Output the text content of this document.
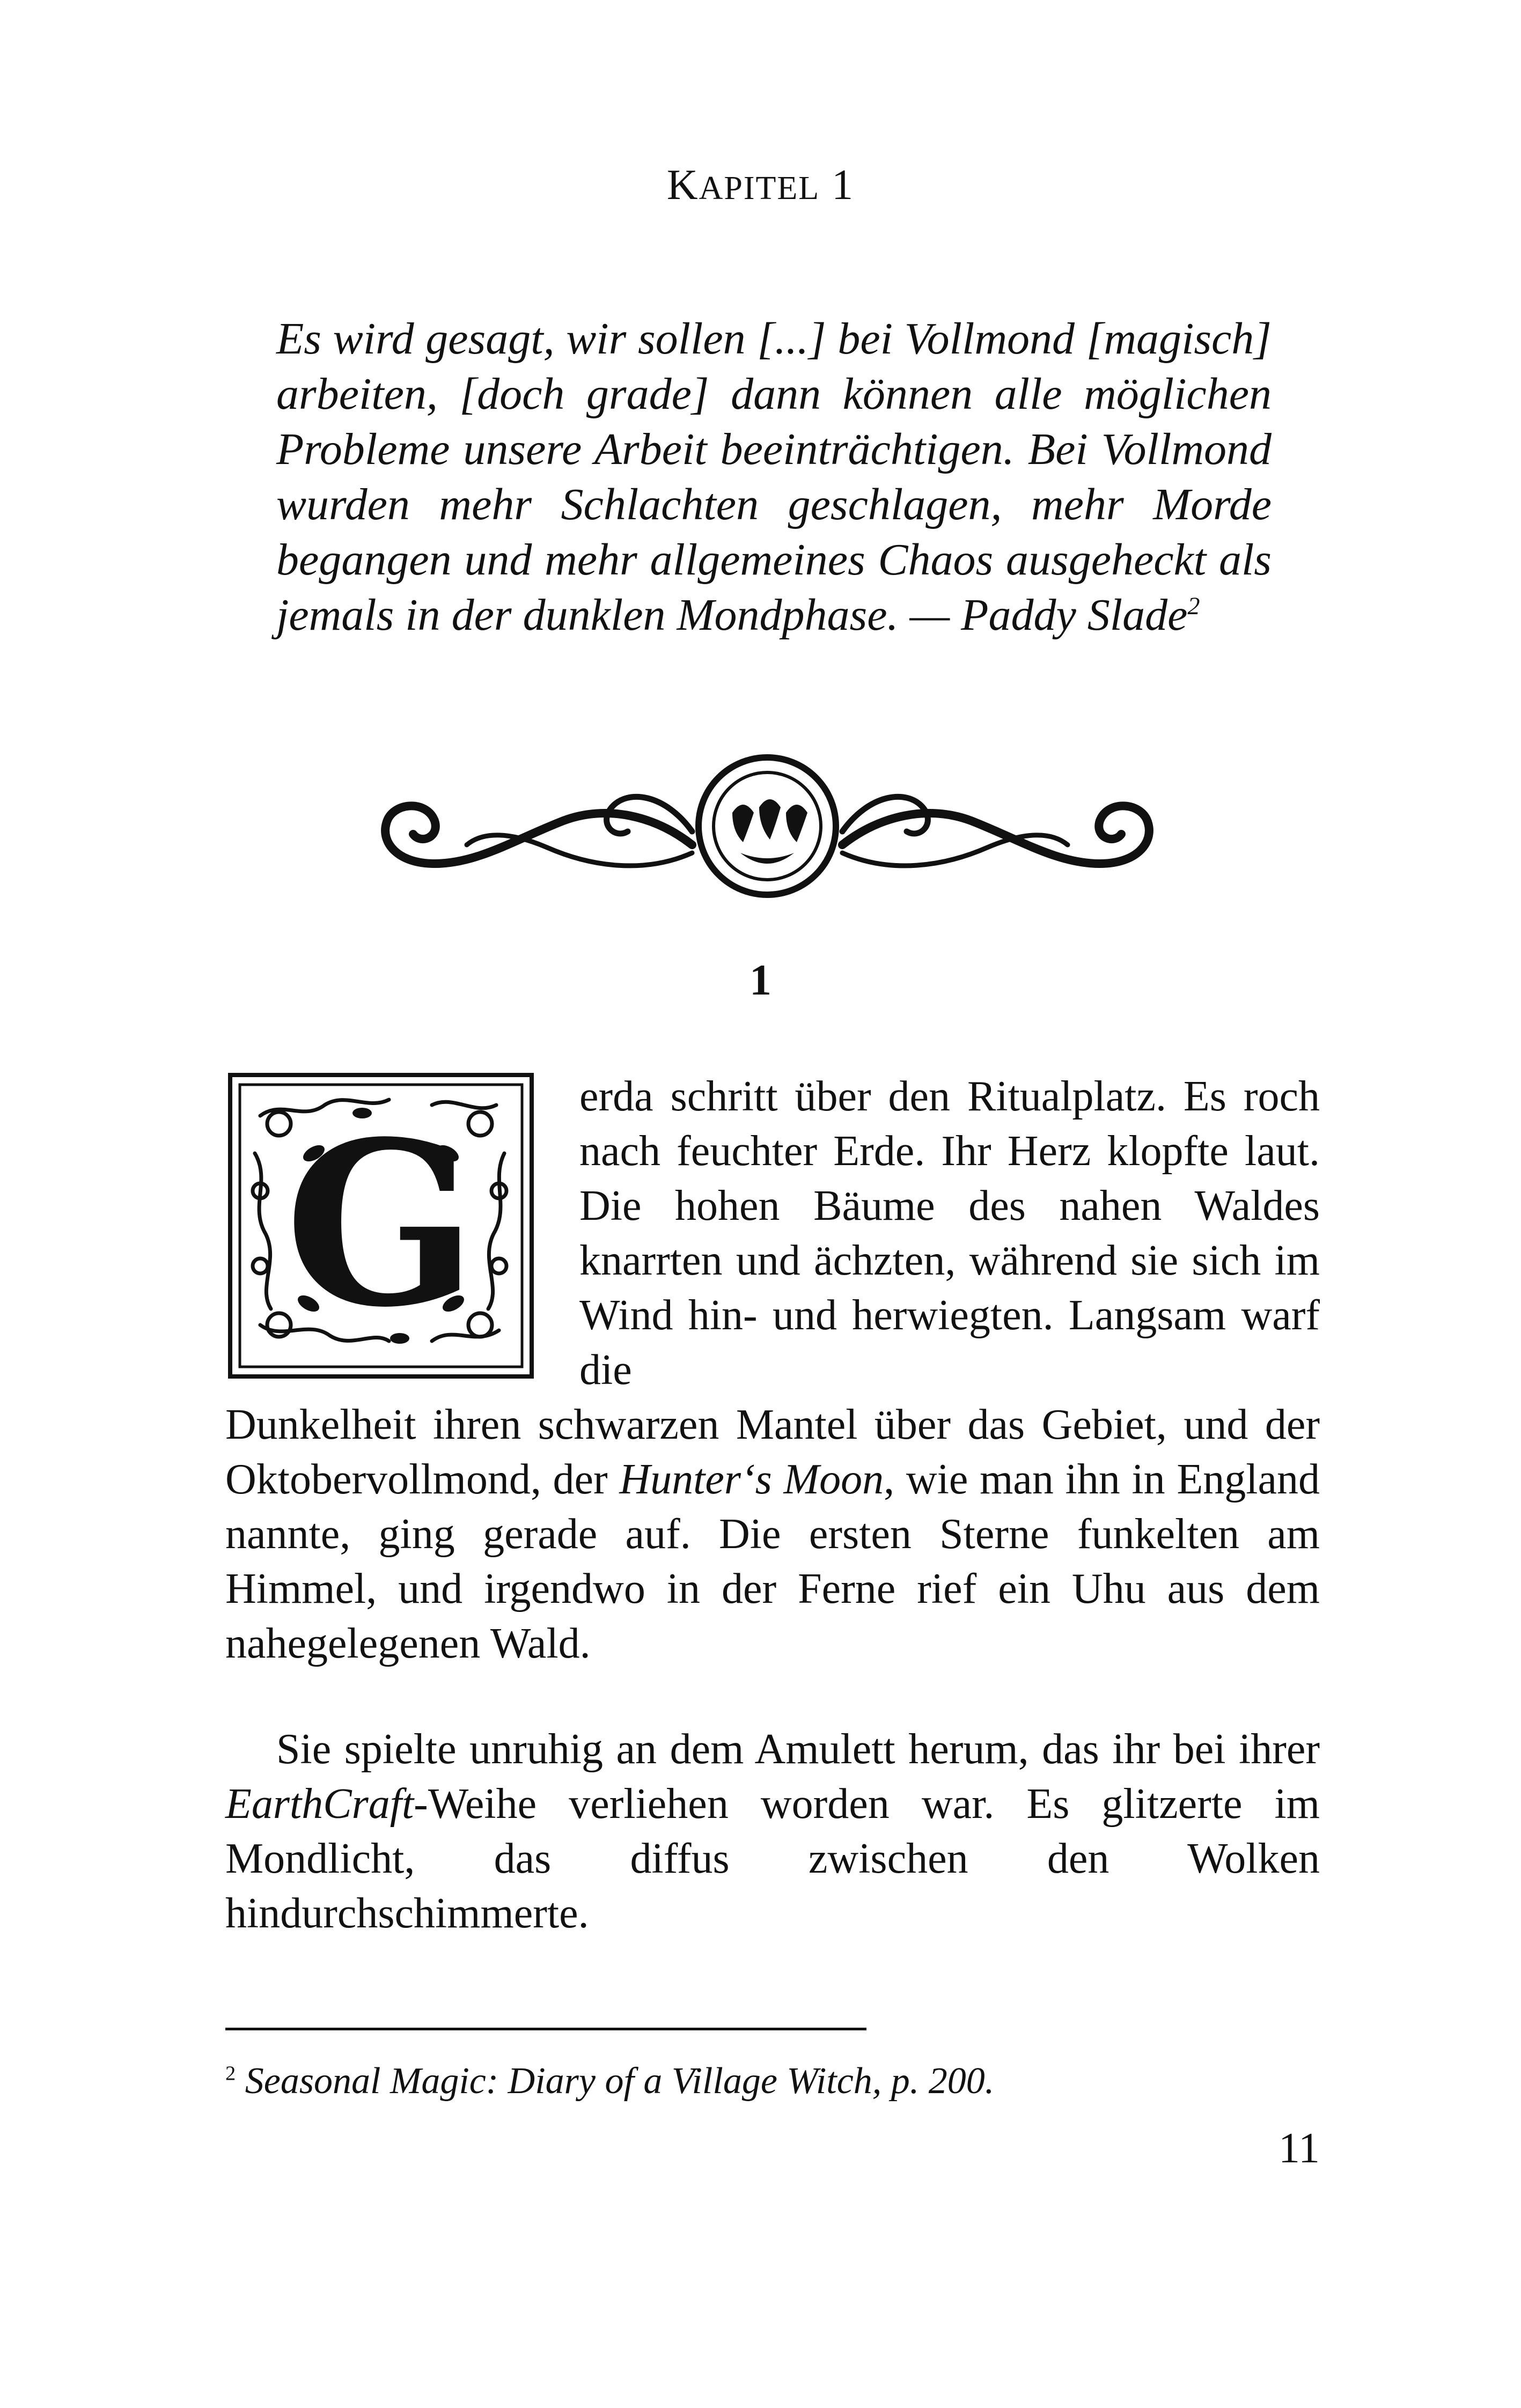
KAPITEL 1

Es wird gesagt, wir sollen [...] bei Vollmond [magisch] arbeiten, [doch grade] dann können alle möglichen Probleme unsere Arbeit beeinträchtigen. Bei Vollmond wurden mehr Schlachten geschlagen, mehr Morde begangen und mehr allgemeines Chaos ausgeheckt als jemals in der dunklen Mondphase. — Paddy Slade$^2$

1
G erda schritt über den Ritualplatz. Es roch nach feuchter Erde. Ihr Herz klopfte laut. Die hohen Bäume des nahen Waldes knarrten und ächzten, während sie sich im Wind hin- und herwiegten. Langsam warf die

Dunkelheit ihren schwarzen Mantel über das Gebiet, und der Oktobervollmond, der Hunter‘s Moon, wie man ihn in England nannte, ging gerade auf. Die ersten Sterne funkelten am Himmel, und irgendwo in der Ferne rief ein Uhu aus dem nahegelegenen Wald.

Sie spielte unruhig an dem Amulett herum, das ihr bei ihrer EarthCraft-Weihe verliehen worden war. Es glitzerte im Mondlicht, das diffus zwischen den Wolken hindurchschimmerte.

$^2$ Seasonal Magic: Diary of a Village Witch, p. 200.

11
